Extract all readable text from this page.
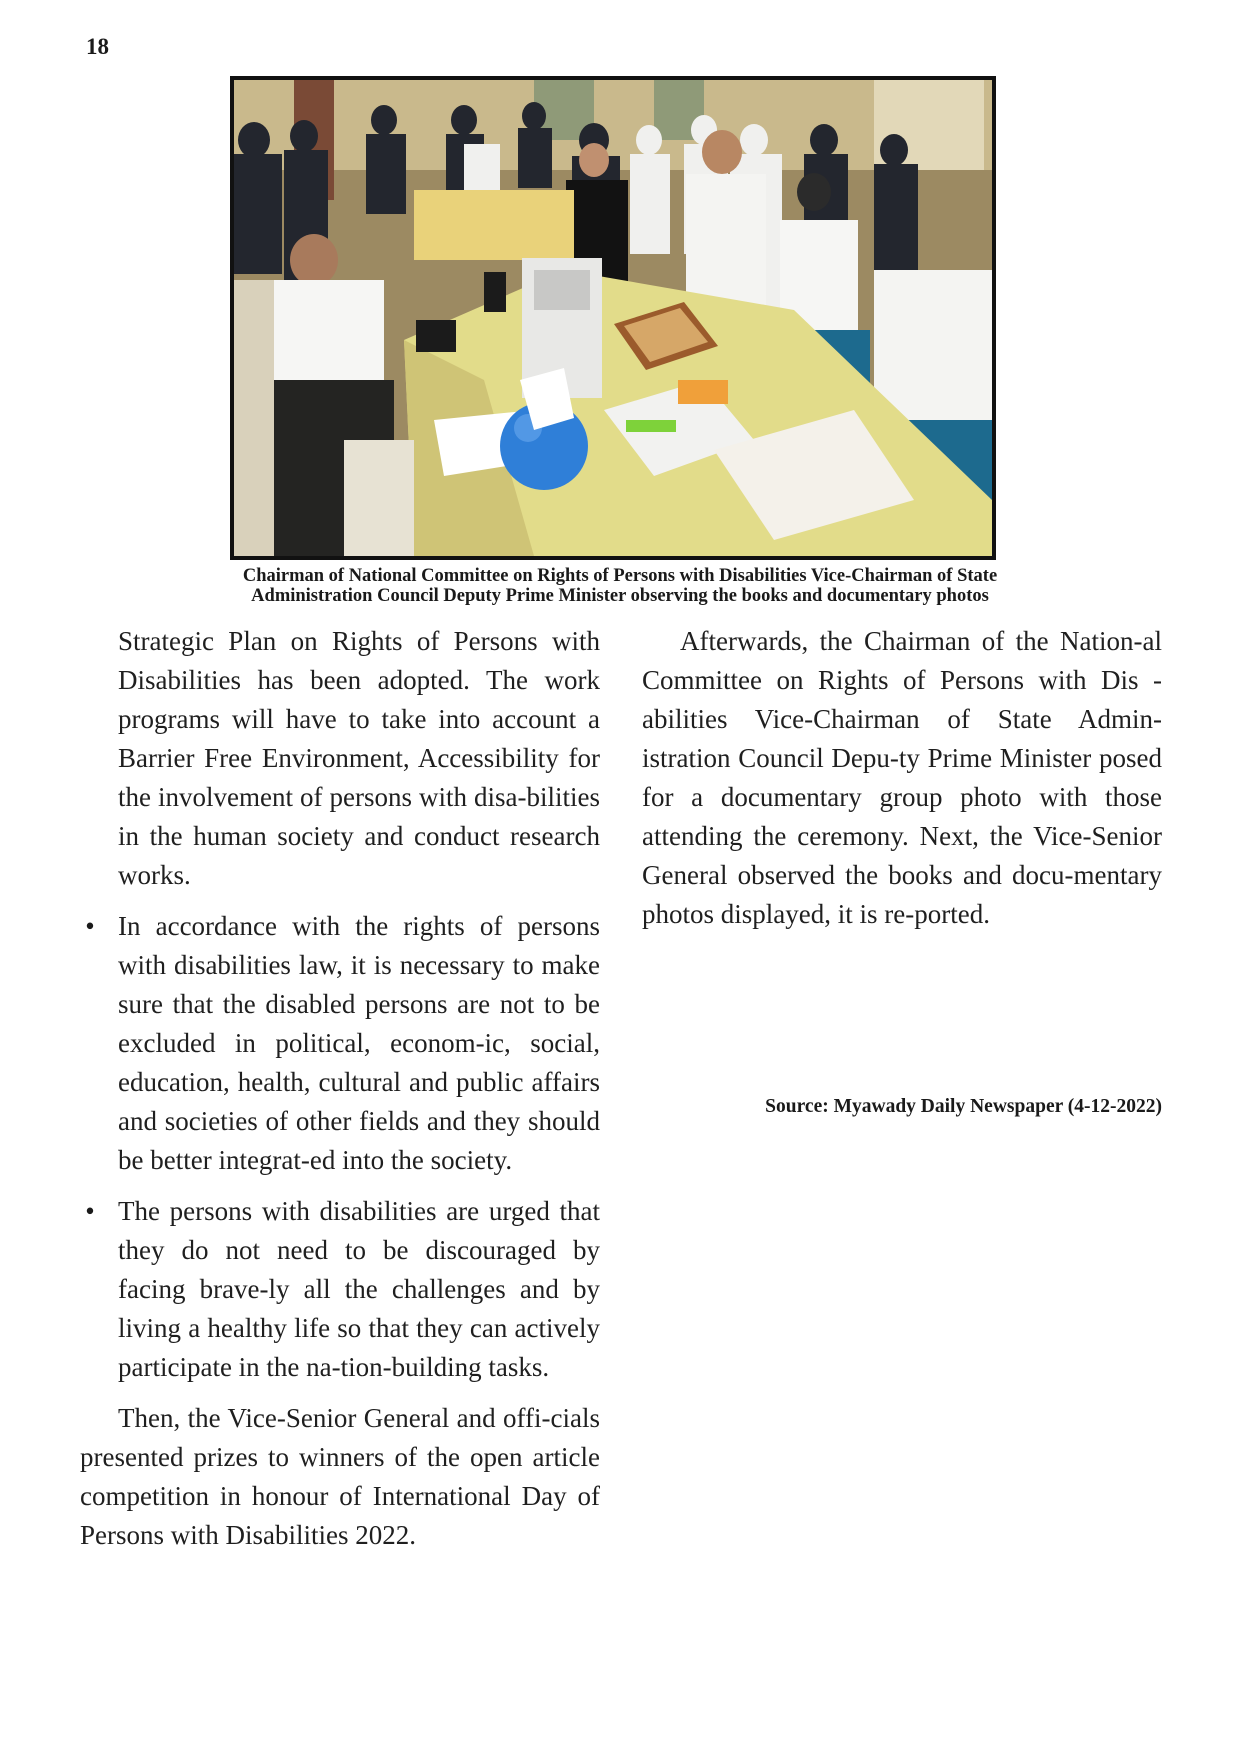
18
Chairman of National Committee on Rights of Persons with Disabilities Vice-Chairman of State
Administration Council Deputy Prime Minister observing the books and documentary photos

Strategic Plan on Rights of Persons with Disabilities has been adopted. The work programs will have to take into account a Barrier Free Environment, Accessibility for the involvement of persons with disa-bilities in the human society and conduct research works.

• In accordance with the rights of persons with disabilities law, it is necessary to make sure that the disabled persons are not to be excluded in political, econom-ic, social, education, health, cultural and public affairs and societies of other fields and they should be better integrat-ed into the society.

• The persons with disabilities are urged that they do not need to be discouraged by facing brave-ly all the challenges and by living a healthy life so that they can actively participate in the na-tion-building tasks.

Then, the Vice-Senior General and offi-cials presented prizes to winners of the open article competition in honour of International Day of Persons with Disabilities 2022.

Afterwards, the Chairman of the Nation-al Committee on Rights of Persons with Dis -abilities Vice-Chairman of State Admin-istration Council Depu-ty Prime Minister posed for a documentary group photo with those attending the ceremony. Next, the Vice-Senior General observed the books and docu-mentary photos displayed, it is re-ported.

Source: Myawady Daily Newspaper (4-12-2022)
